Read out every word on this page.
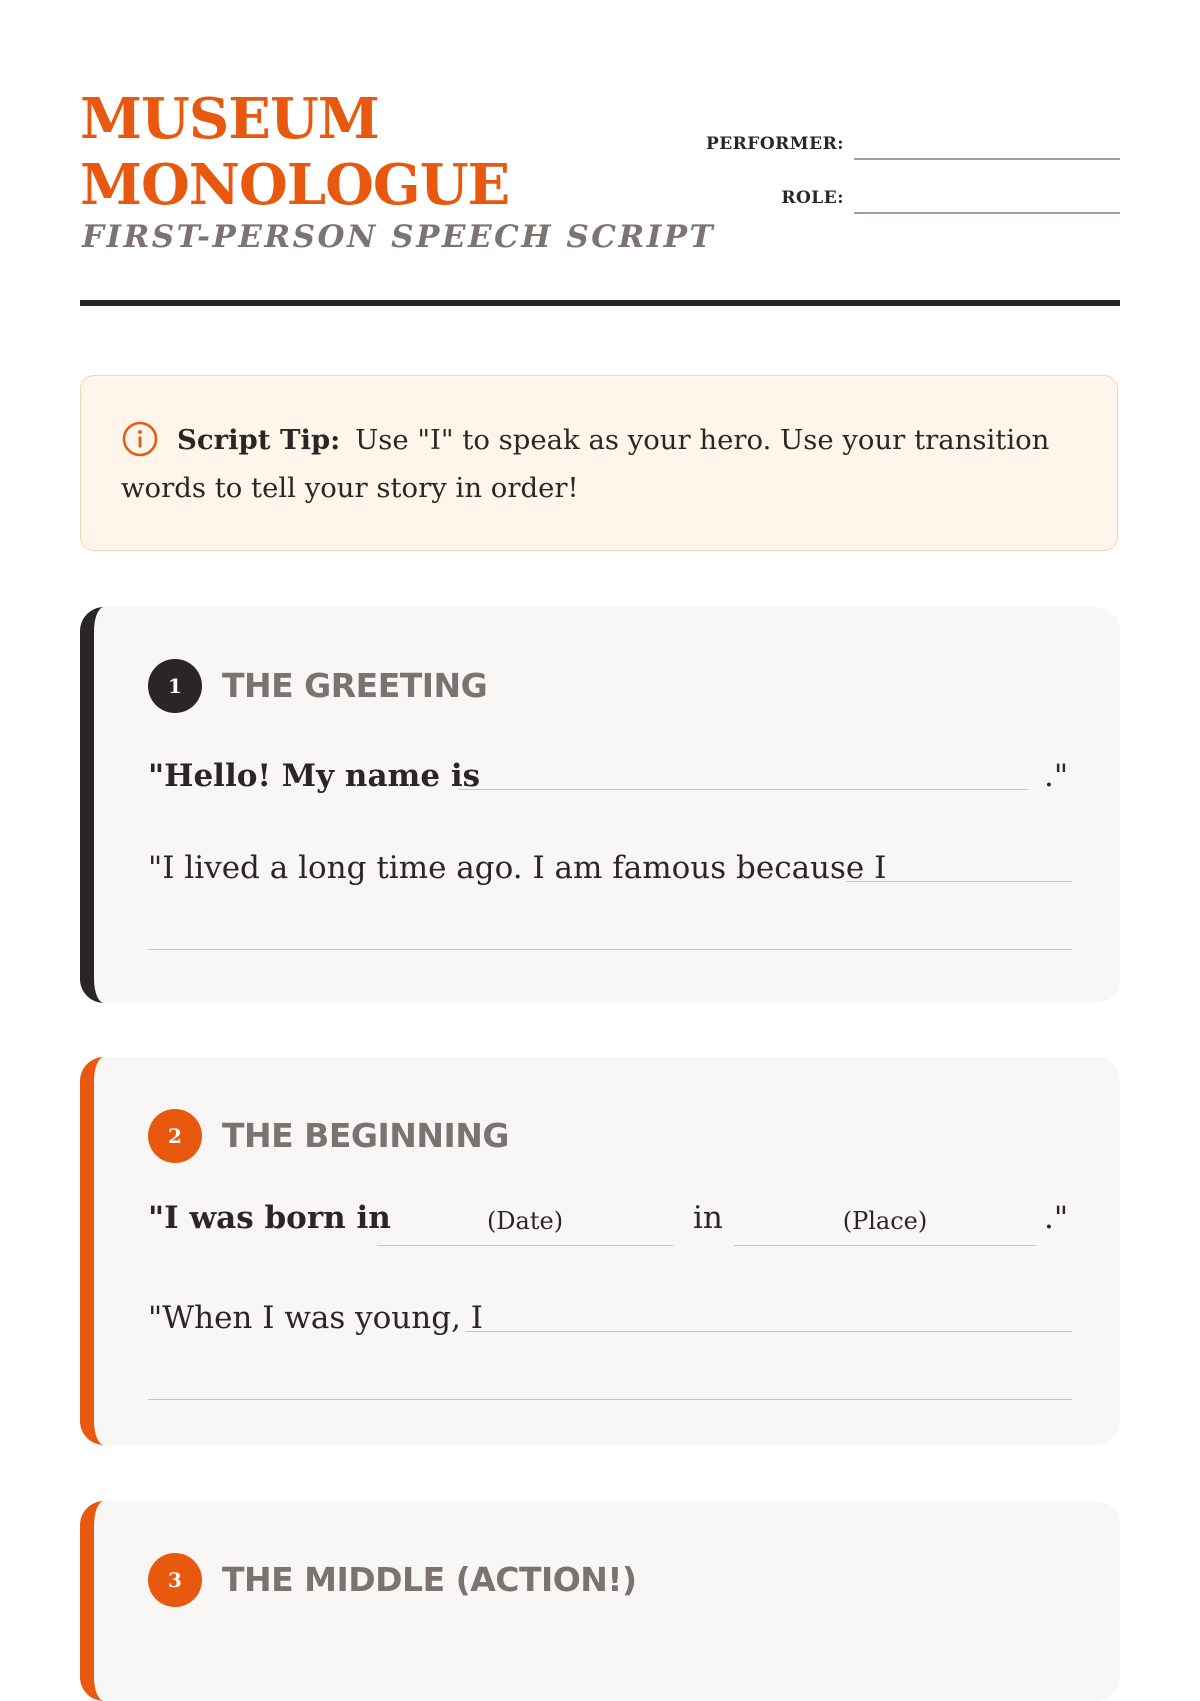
MUSEUM
MONOLOGUE
FIRST-PERSON SPEECH SCRIPT
PERFORMER:
ROLE:
Script Tip: Use "I" to speak as your hero. Use your transition words to tell your story in order!
1	THE GREETING
"Hello! My name is	."
"I lived a long time ago. I am famous because I
2	THE BEGINNING
"I was born in	(Date)	in	(Place)	."
"When I was young, I
3	THE MIDDLE (ACTION!)
